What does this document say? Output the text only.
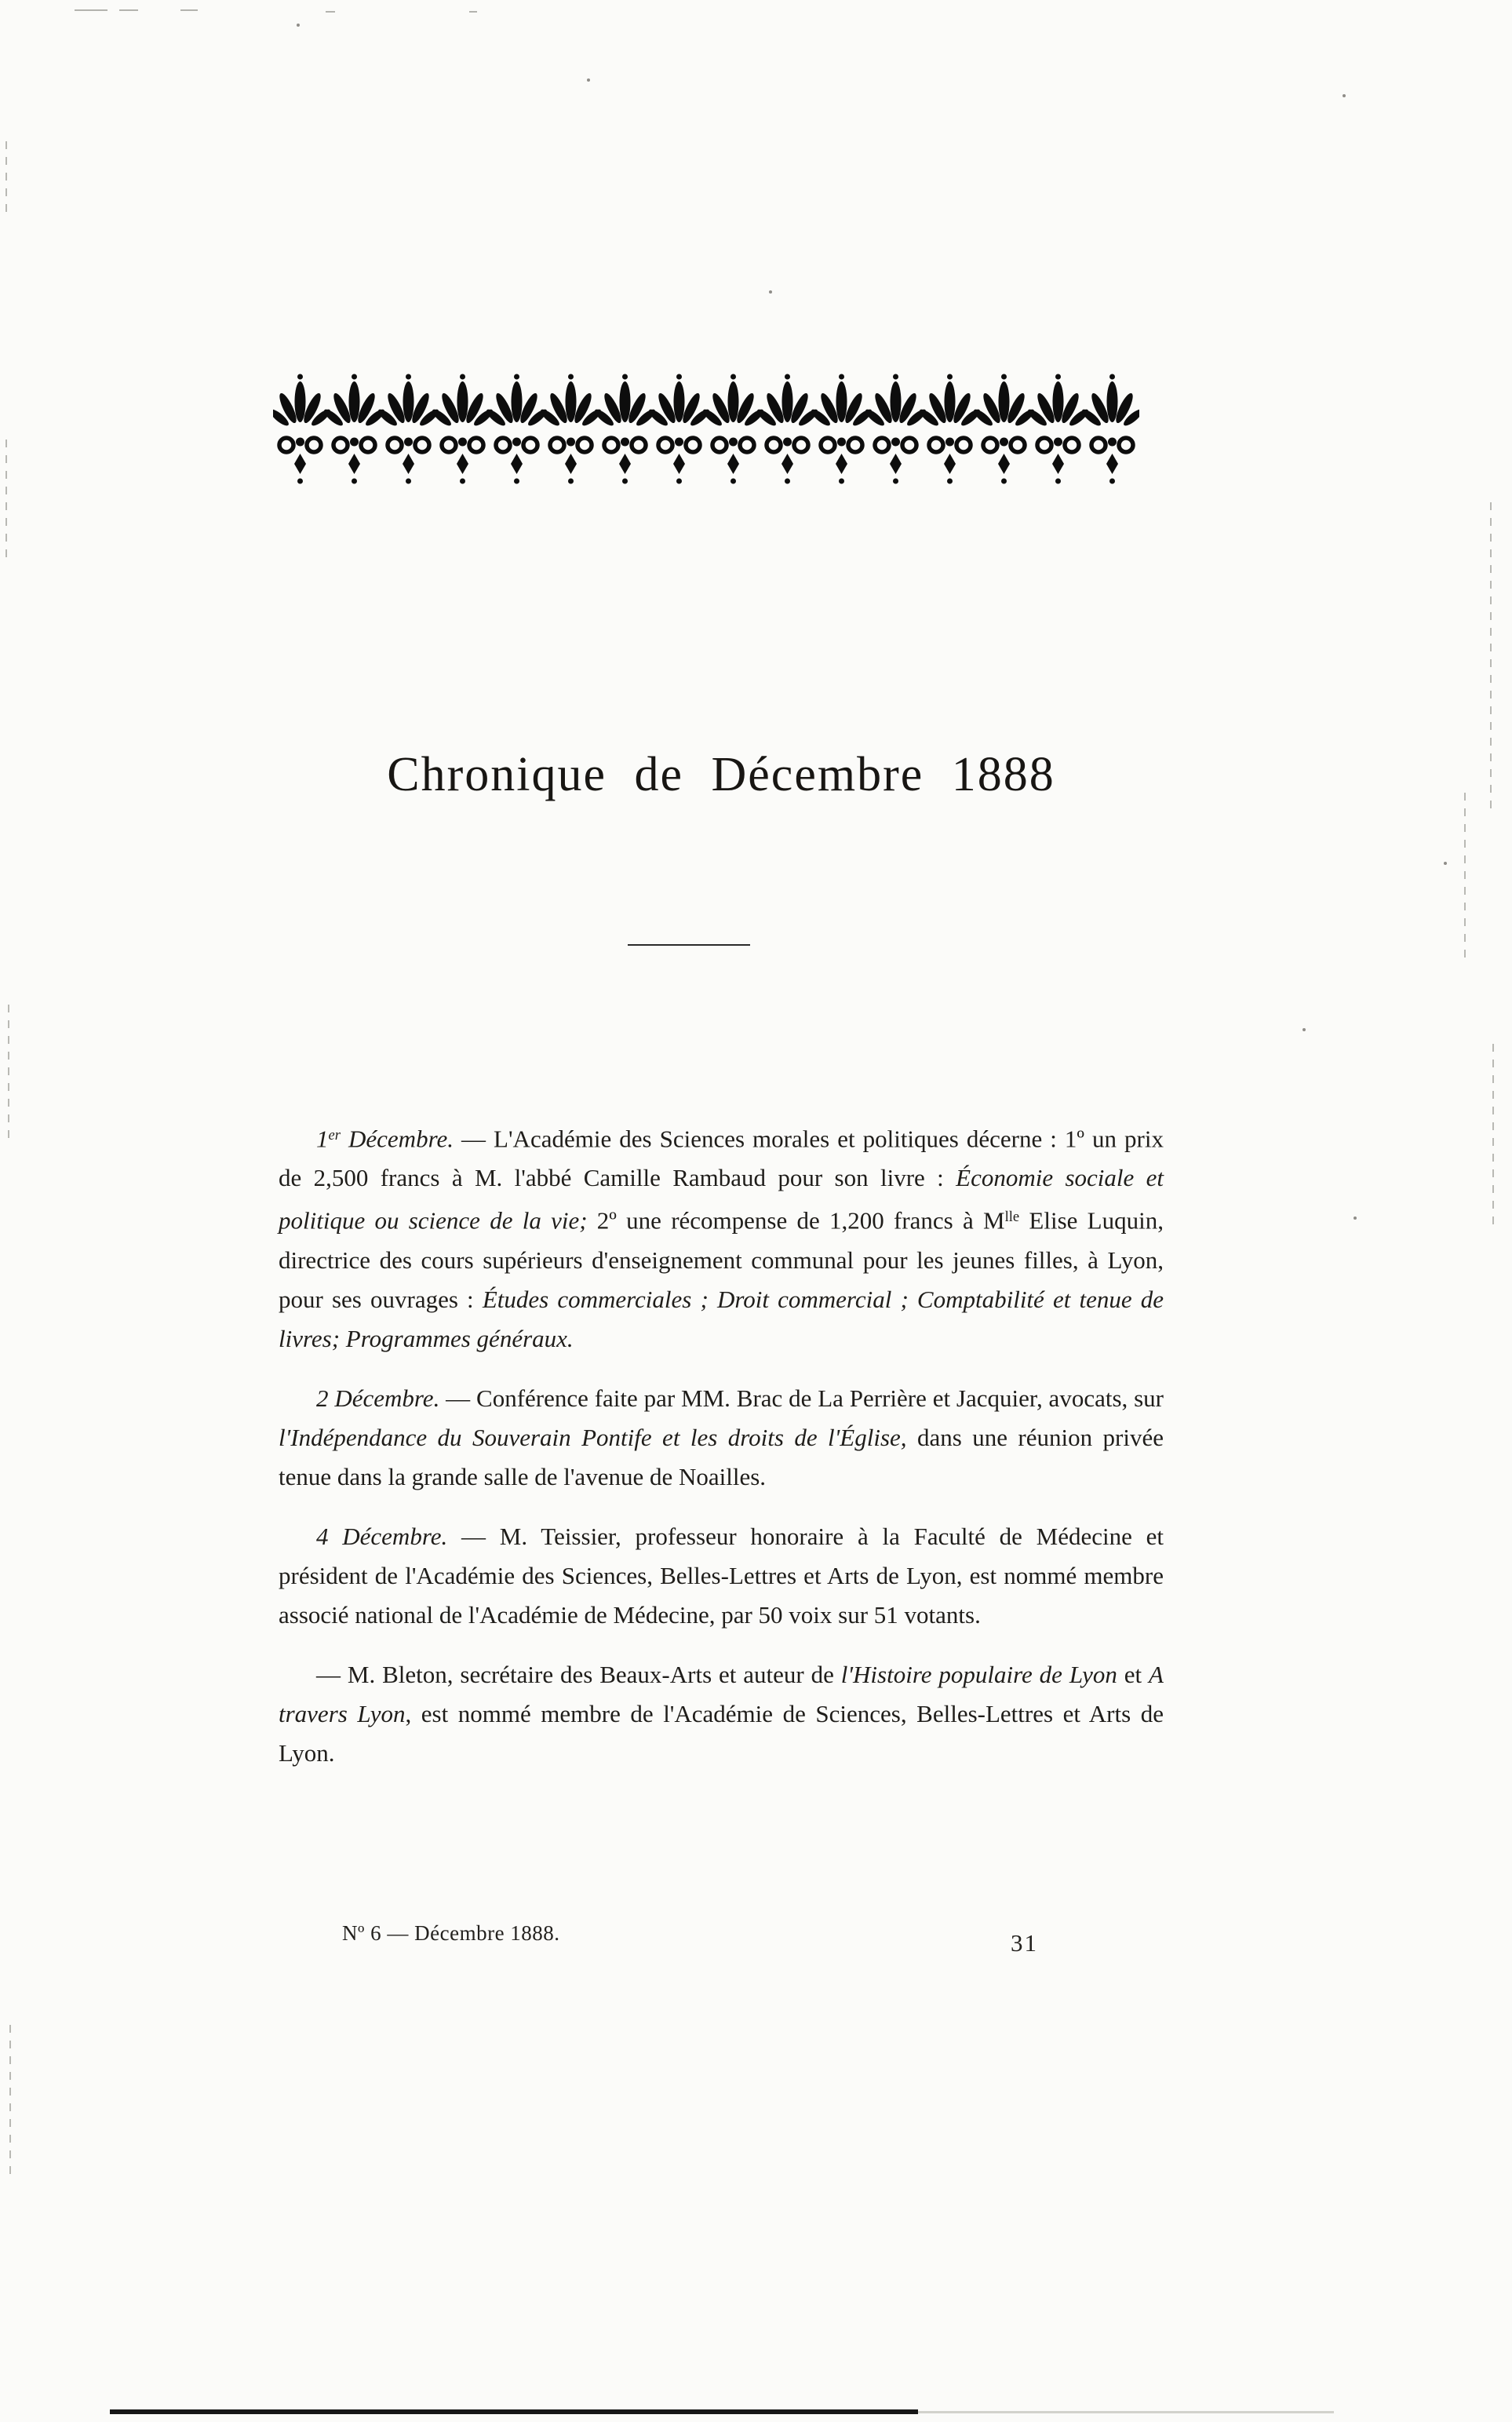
Chronique de Décembre 1888

1er Décembre. — L'Académie des Sciences morales et politiques décerne : 1º un prix de 2,500 francs à M. l'abbé Camille Rambaud pour son livre : Économie sociale et politique ou science de la vie; 2º une récompense de 1,200 francs à $M^{lle}$ Elise Luquin, directrice des cours supérieurs d'enseignement communal pour les jeunes filles, à Lyon, pour ses ouvrages : Études commerciales ; Droit commercial ; Comptabilité et tenue de livres; Programmes généraux.

2 Décembre. — Conférence faite par MM. Brac de La Perrière et Jacquier, avocats, sur l'Indépendance du Souverain Pontife et les droits de l'Église, dans une réunion privée tenue dans la grande salle de l'avenue de Noailles.

4 Décembre. — M. Teissier, professeur honoraire à la Faculté de Médecine et président de l'Académie des Sciences, Belles-Lettres et Arts de Lyon, est nommé membre associé national de l'Académie de Médecine, par 50 voix sur 51 votants.

— M. Bleton, secrétaire des Beaux-Arts et auteur de l'Histoire populaire de Lyon et A travers Lyon, est nommé membre de l'Académie de Sciences, Belles-Lettres et Arts de Lyon.

Nº 6 — Décembre 1888.	31
